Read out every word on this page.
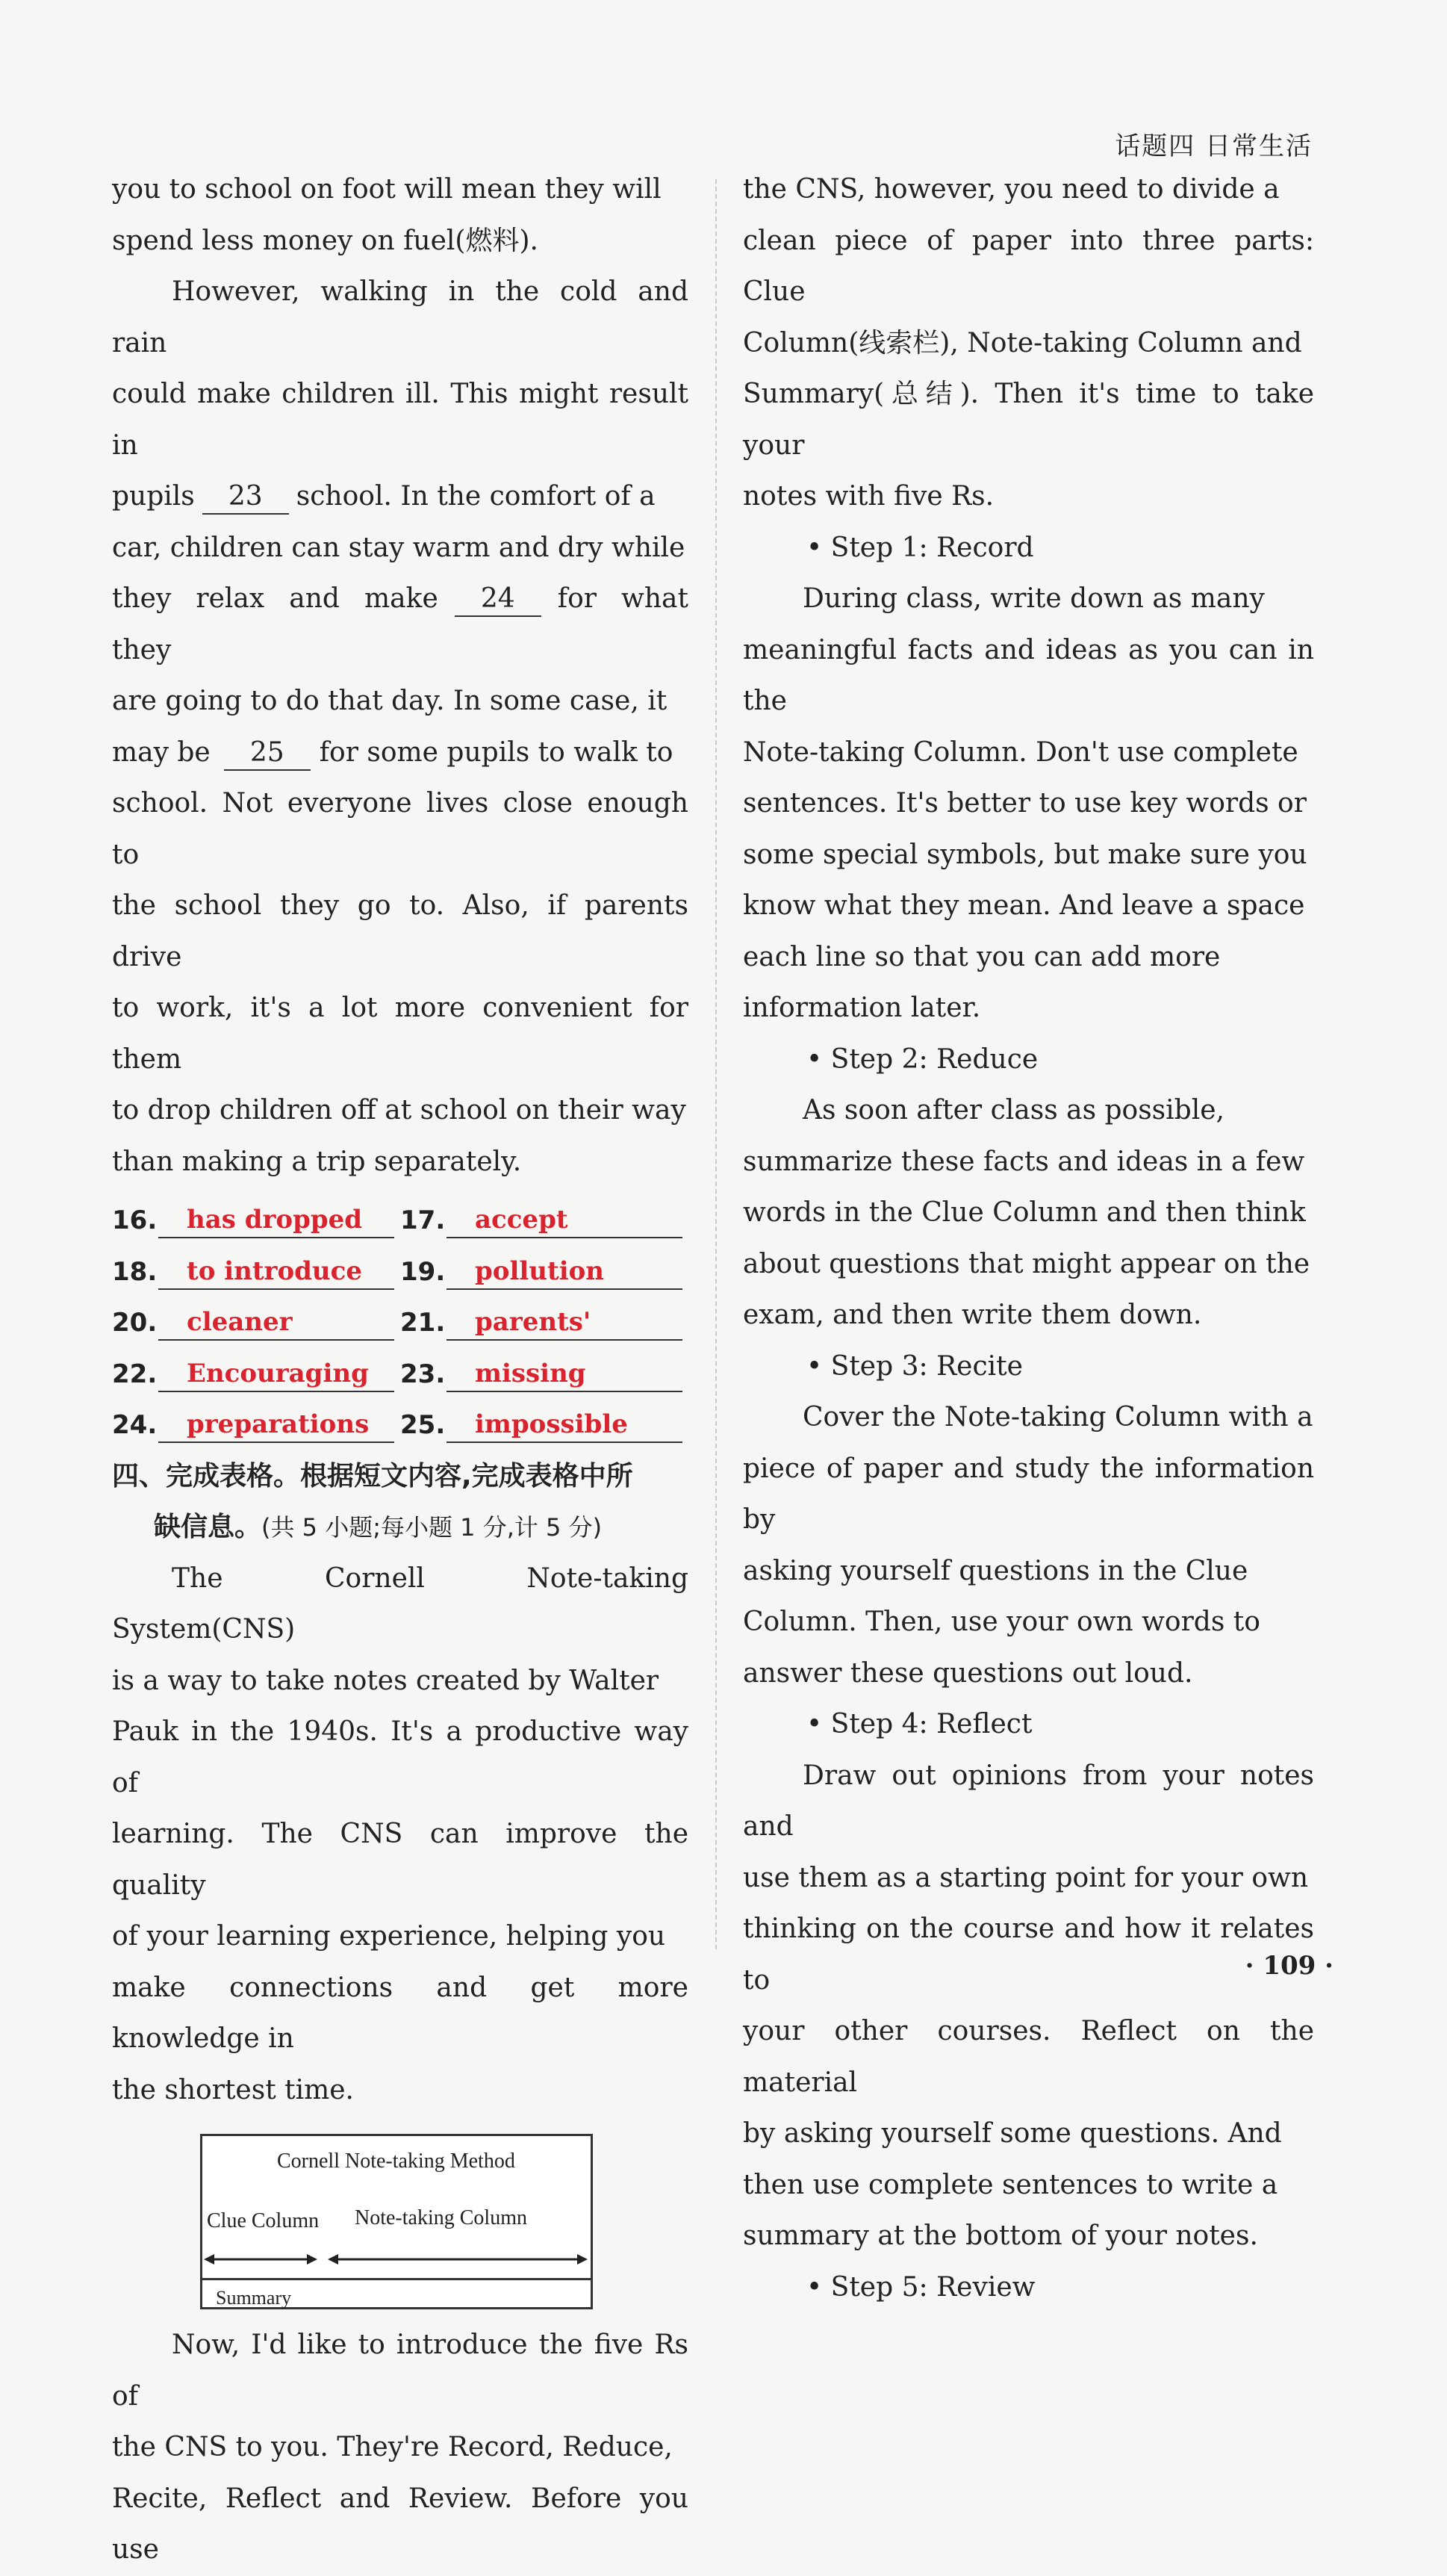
话题四 日常生活

you to school on foot will mean they will

spend less money on fuel(燃料).

However, walking in the cold and rain

could make children ill. This might result in

pupils 23 school. In the comfort of a

car, children can stay warm and dry while

they relax and make 24 for what they

are going to do that day. In some case, it

may be 25 for some pupils to walk to

school. Not everyone lives close enough to

the school they go to. Also, if parents drive

to work, it's a lot more convenient for them

to drop children off at school on their way

than making a trip separately.

16.	has dropped	17.	accept
18.	to introduce	19.	pollution
20.	cleaner	21.	parents'
22.	Encouraging	23.	missing
24.	preparations	25.	impossible
四、完成表格。根据短文内容,完成表格中所
缺信息。(共 5 小题;每小题 1 分,计 5 分)

The Cornell Note-taking System(CNS)

is a way to take notes created by Walter

Pauk in the 1940s. It's a productive way of

learning. The CNS can improve the quality

of your learning experience, helping you

make connections and get more knowledge in

the shortest time.

Cornell Note-taking Method
Clue Column Note-taking Column
Summary

Now, I'd like to introduce the five Rs of

the CNS to you. They're Record, Reduce,

Recite, Reflect and Review. Before you use

the CNS, however, you need to divide a

clean piece of paper into three parts: Clue

Column(线索栏), Note-taking Column and

Summary(总结). Then it's time to take your

notes with five Rs.

• Step 1: Record

During class, write down as many

meaningful facts and ideas as you can in the

Note-taking Column. Don't use complete

sentences. It's better to use key words or

some special symbols, but make sure you

know what they mean. And leave a space

each line so that you can add more

information later.

• Step 2: Reduce

As soon after class as possible,

summarize these facts and ideas in a few

words in the Clue Column and then think

about questions that might appear on the

exam, and then write them down.

• Step 3: Recite

Cover the Note-taking Column with a

piece of paper and study the information by

asking yourself questions in the Clue

Column. Then, use your own words to

answer these questions out loud.

• Step 4: Reflect

Draw out opinions from your notes and

use them as a starting point for your own

thinking on the course and how it relates to

your other courses. Reflect on the material

by asking yourself some questions. And

then use complete sentences to write a

summary at the bottom of your notes.

• Step 5: Review
· 109 ·
